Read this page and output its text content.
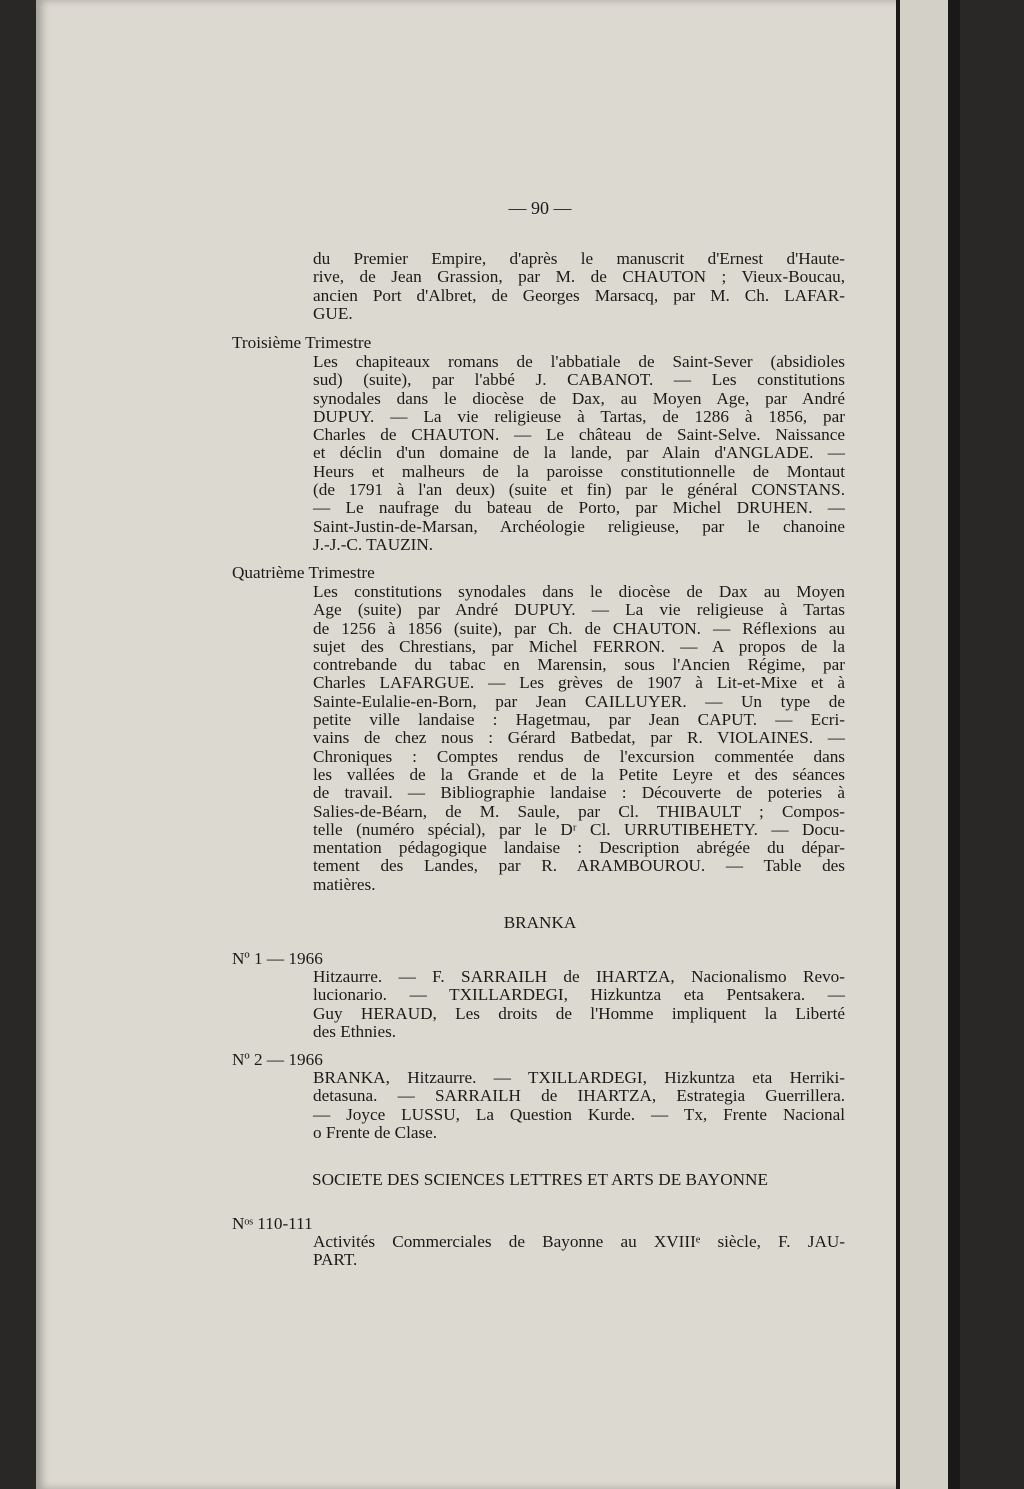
— 90 —
du Premier Empire, d'après le manuscrit d'Ernest d'Haute-
rive, de Jean Grassion, par M. de CHAUTON ; Vieux-Boucau,
ancien Port d'Albret, de Georges Marsacq, par M. Ch. LAFAR-
GUE.
Troisième Trimestre
Les chapiteaux romans de l'abbatiale de Saint-Sever (absidioles
sud) (suite), par l'abbé J. CABANOT. — Les constitutions
synodales dans le diocèse de Dax, au Moyen Age, par André
DUPUY. — La vie religieuse à Tartas, de 1286 à 1856, par
Charles de CHAUTON. — Le château de Saint-Selve. Naissance
et déclin d'un domaine de la lande, par Alain d'ANGLADE. —
Heurs et malheurs de la paroisse constitutionnelle de Montaut
(de 1791 à l'an deux) (suite et fin) par le général CONSTANS.
— Le naufrage du bateau de Porto, par Michel DRUHEN. —
Saint-Justin-de-Marsan, Archéologie religieuse, par le chanoine
J.-J.-C. TAUZIN.
Quatrième Trimestre
Les constitutions synodales dans le diocèse de Dax au Moyen
Age (suite) par André DUPUY. — La vie religieuse à Tartas
de 1256 à 1856 (suite), par Ch. de CHAUTON. — Réflexions au
sujet des Chrestians, par Michel FERRON. — A propos de la
contrebande du tabac en Marensin, sous l'Ancien Régime, par
Charles LAFARGUE. — Les grèves de 1907 à Lit-et-Mixe et à
Sainte-Eulalie-en-Born, par Jean CAILLUYER. — Un type de
petite ville landaise : Hagetmau, par Jean CAPUT. — Ecri-
vains de chez nous : Gérard Batbedat, par R. VIOLAINES. —
Chroniques : Comptes rendus de l'excursion commentée dans
les vallées de la Grande et de la Petite Leyre et des séances
de travail. — Bibliographie landaise : Découverte de poteries à
Salies-de-Béarn, de M. Saule, par Cl. THIBAULT ; Compos-
telle (numéro spécial), par le Dʳ Cl. URRUTIBEHETY. — Docu-
mentation pédagogique landaise : Description abrégée du dépar-
tement des Landes, par R. ARAMBOUROU. — Table des
matières.
BRANKA
Nº 1 — 1966
Hitzaurre. — F. SARRAILH de IHARTZA, Nacionalismo Revo-
lucionario. — TXILLARDEGI, Hizkuntza eta Pentsakera. —
Guy HERAUD, Les droits de l'Homme impliquent la Liberté
des Ethnies.
Nº 2 — 1966
BRANKA, Hitzaurre. — TXILLARDEGI, Hizkuntza eta Herriki-
detasuna. — SARRAILH de IHARTZA, Estrategia Guerrillera.
— Joyce LUSSU, La Question Kurde. — Tx, Frente Nacional
o Frente de Clase.
SOCIETE DES SCIENCES LETTRES ET ARTS DE BAYONNE
Nᵒˢ 110-111
Activités Commerciales de Bayonne au XVIIIᵉ siècle, F. JAU-
PART.
